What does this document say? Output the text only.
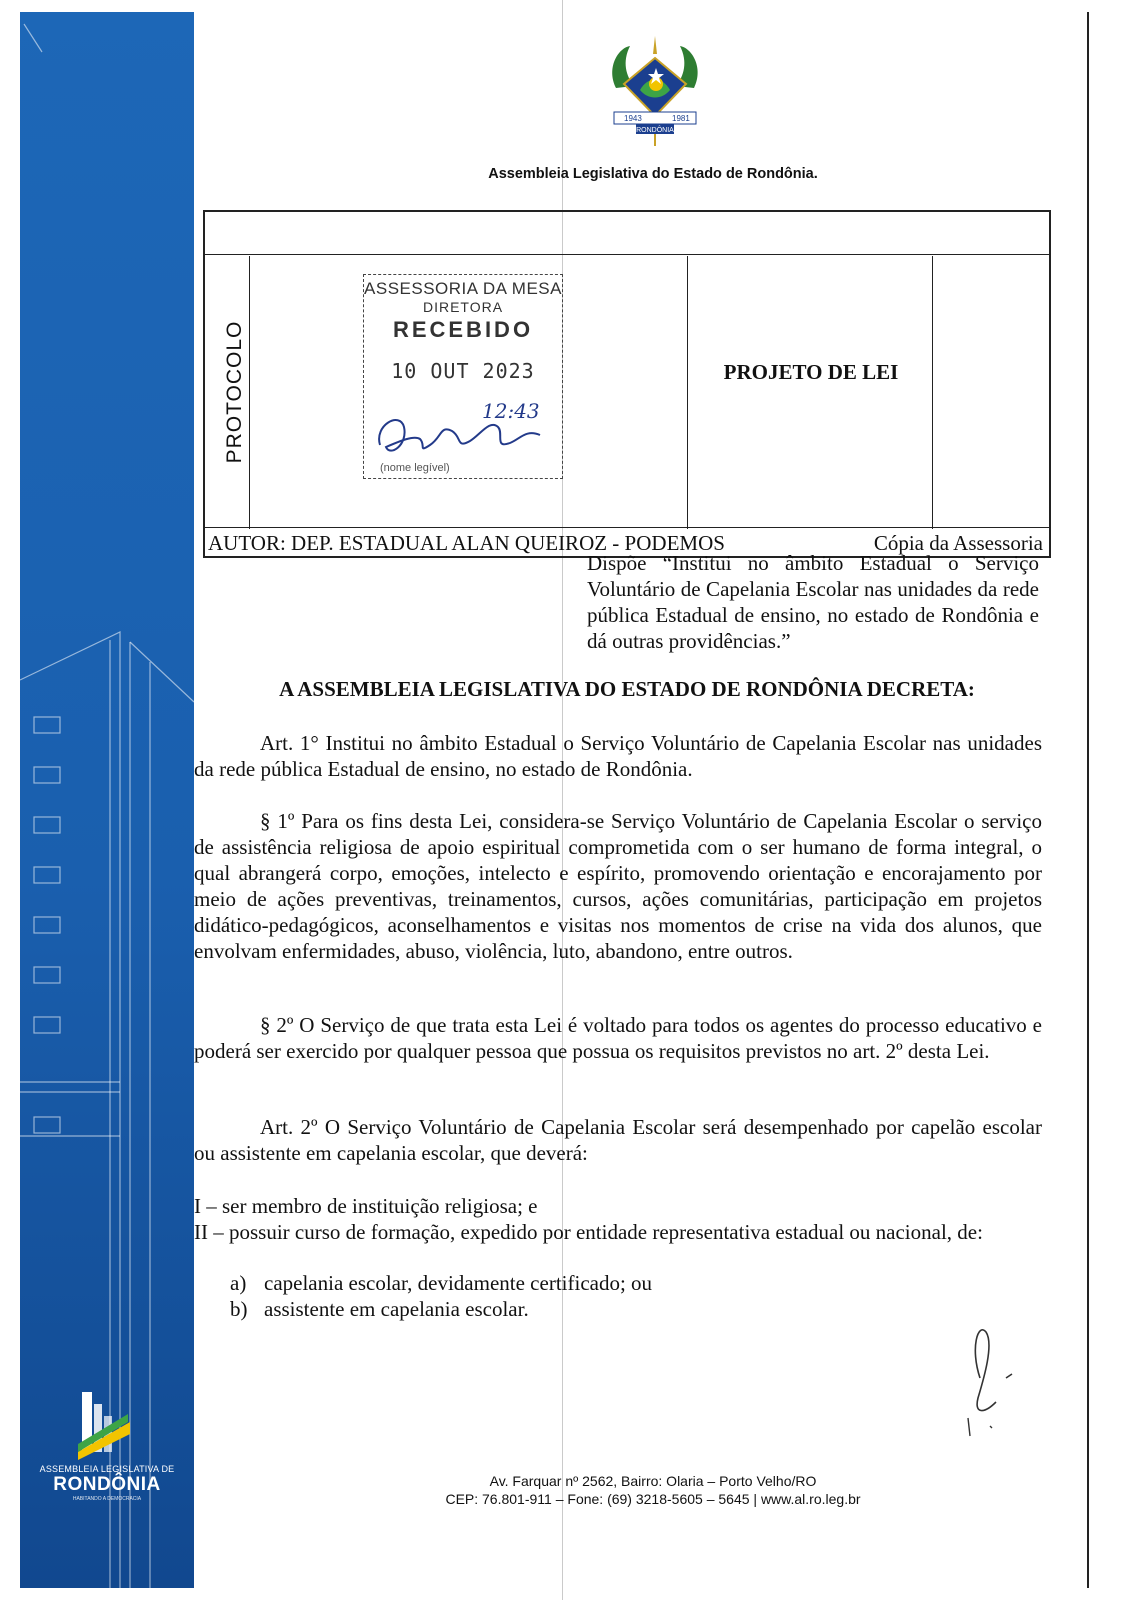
ASSEMBLEIA LEGISLATIVA DE
RONDÔNIA
HABITANDO A DEMOCRACIA
1943	1981
RONDÔNIA
Assembleia Legislativa do Estado de Rondônia.
PROTOCOLO
ASSESSORIA DA MESA
DIRETORA
RECEBIDO
10 OUT 2023
12:43
(nome legível)
PROJETO DE LEI
AUTOR: DEP. ESTADUAL ALAN QUEIROZ - PODEMOS	Cópia da Assessoria
Dispõe “Institui no âmbito Estadual o Serviço Voluntário de Capelania Escolar nas unidades da rede pública Estadual de ensino, no estado de Rondônia e dá outras providências.”
A ASSEMBLEIA LEGISLATIVA DO ESTADO DE RONDÔNIA DECRETA:

Art. 1° Institui no âmbito Estadual o Serviço Voluntário de Capelania Escolar nas unidades da rede pública Estadual de ensino, no estado de Rondônia.

§ 1º Para os fins desta Lei, considera-se Serviço Voluntário de Capelania Escolar o serviço de assistência religiosa de apoio espiritual comprometida com o ser humano de forma integral, o qual abrangerá corpo, emoções, intelecto e espírito, promovendo orientação e encorajamento por meio de ações preventivas, treinamentos, cursos, ações comunitárias, participação em projetos didático-pedagógicos, aconselhamentos e visitas nos momentos de crise na vida dos alunos, que envolvam enfermidades, abuso, violência, luto, abandono, entre outros.

§ 2º O Serviço de que trata esta Lei é voltado para todos os agentes do processo educativo e poderá ser exercido por qualquer pessoa que possua os requisitos previstos no art. 2º desta Lei.

Art. 2º O Serviço Voluntário de Capelania Escolar será desempenhado por capelão escolar ou assistente em capelania escolar, que deverá:

I – ser membro de instituição religiosa; e
II – possuir curso de formação, expedido por entidade representativa estadual ou nacional, de:
a) capelania escolar, devidamente certificado; ou
b) assistente em capelania escolar.
Av. Farquar nº 2562, Bairro: Olaria – Porto Velho/RO
CEP: 76.801-911 – Fone: (69) 3218-5605 – 5645 | www.al.ro.leg.br
